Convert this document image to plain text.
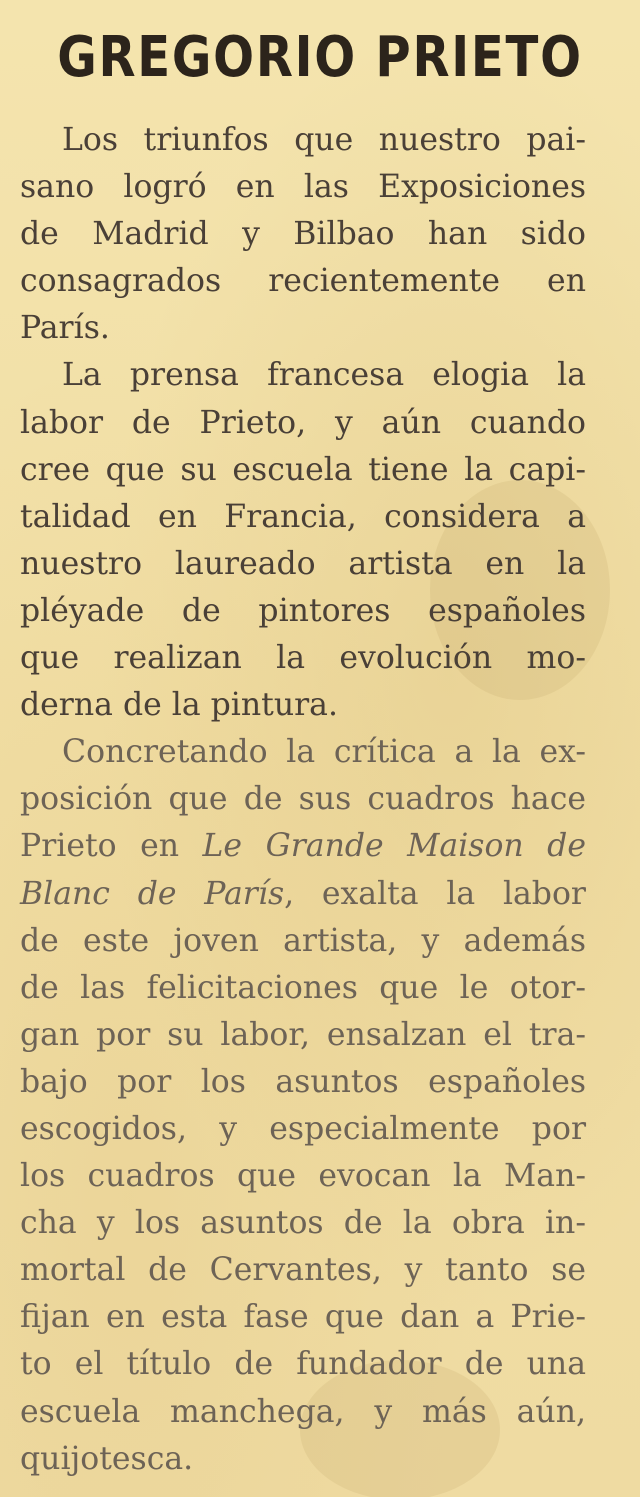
GREGORIO PRIETO

Los triunfos que nuestro pai-
sano logró en las Exposiciones
de Madrid y Bilbao han sido
consagrados recientemente en
París.

La prensa francesa elogia la
labor de Prieto, y aún cuando
cree que su escuela tiene la capi-
talidad en Francia, considera a
nuestro laureado artista en la
pléyade de pintores españoles
que realizan la evolución mo-
derna de la pintura.

Concretando la crítica a la ex-
posición que de sus cuadros hace
Prieto en Le Grande Maison de
Blanc de París, exalta la labor
de este joven artista, y además
de las felicitaciones que le otor-
gan por su labor, ensalzan el tra-
bajo por los asuntos españoles
escogidos, y especialmente por
los cuadros que evocan la Man-
cha y los asuntos de la obra in-
mortal de Cervantes, y tanto se
fijan en esta fase que dan a Prie-
to el título de fundador de una
escuela manchega, y más aún,
quijotesca.
